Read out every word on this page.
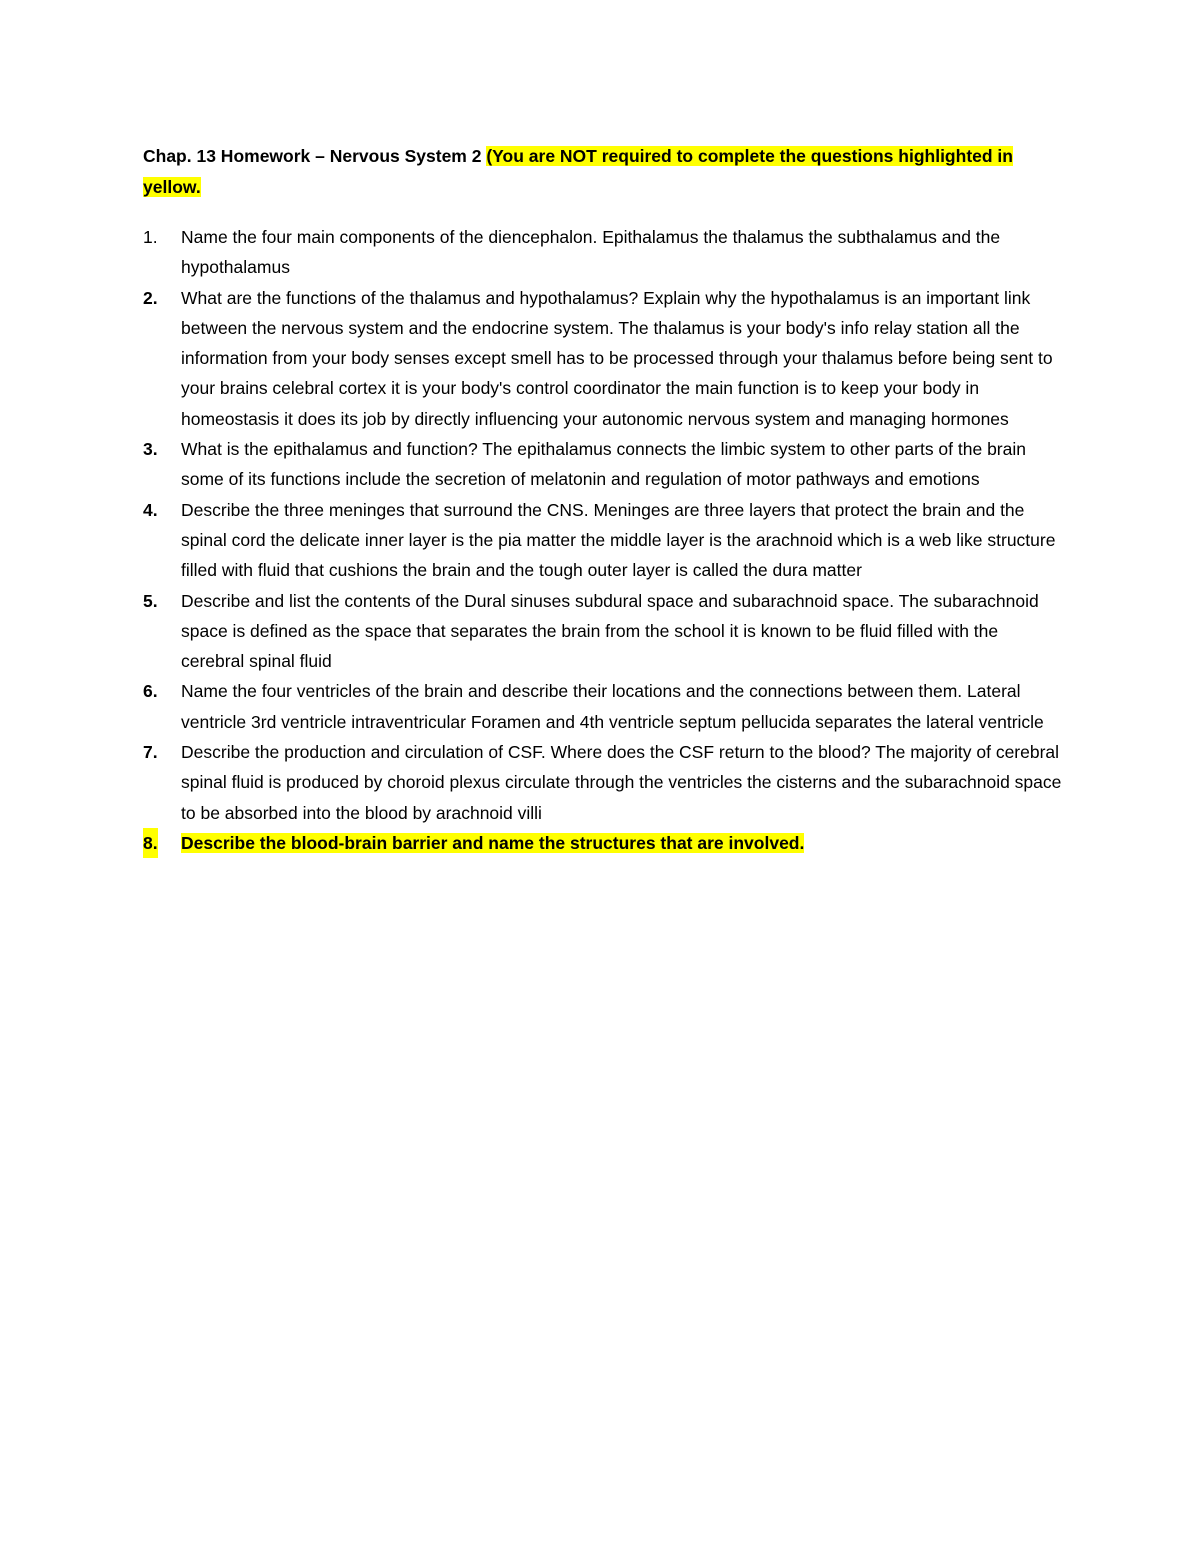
Chap. 13 Homework – Nervous System 2 (You are NOT required to complete the questions highlighted in yellow.

1. Name the four main components of the diencephalon. Epithalamus the thalamus the subthalamus and the hypothalamus
2. What are the functions of the thalamus and hypothalamus? Explain why the hypothalamus is an important link between the nervous system and the endocrine system. The thalamus is your body's info relay station all the information from your body senses except smell has to be processed through your thalamus before being sent to your brains celebral cortex it is your body's control coordinator the main function is to keep your body in homeostasis it does its job by directly influencing your autonomic nervous system and managing hormones
3. What is the epithalamus and function? The epithalamus connects the limbic system to other parts of the brain some of its functions include the secretion of melatonin and regulation of motor pathways and emotions
4. Describe the three meninges that surround the CNS. Meninges are three layers that protect the brain and the spinal cord the delicate inner layer is the pia matter the middle layer is the arachnoid which is a web like structure filled with fluid that cushions the brain and the tough outer layer is called the dura matter
5. Describe and list the contents of the Dural sinuses subdural space and subarachnoid space. The subarachnoid space is defined as the space that separates the brain from the school it is known to be fluid filled with the cerebral spinal fluid
6. Name the four ventricles of the brain and describe their locations and the connections between them. Lateral ventricle 3rd ventricle intraventricular Foramen and 4th ventricle septum pellucida separates the lateral ventricle
7. Describe the production and circulation of CSF. Where does the CSF return to the blood? The majority of cerebral spinal fluid is produced by choroid plexus circulate through the ventricles the cisterns and the subarachnoid space to be absorbed into the blood by arachnoid villi
8. Describe the blood-brain barrier and name the structures that are involved.
